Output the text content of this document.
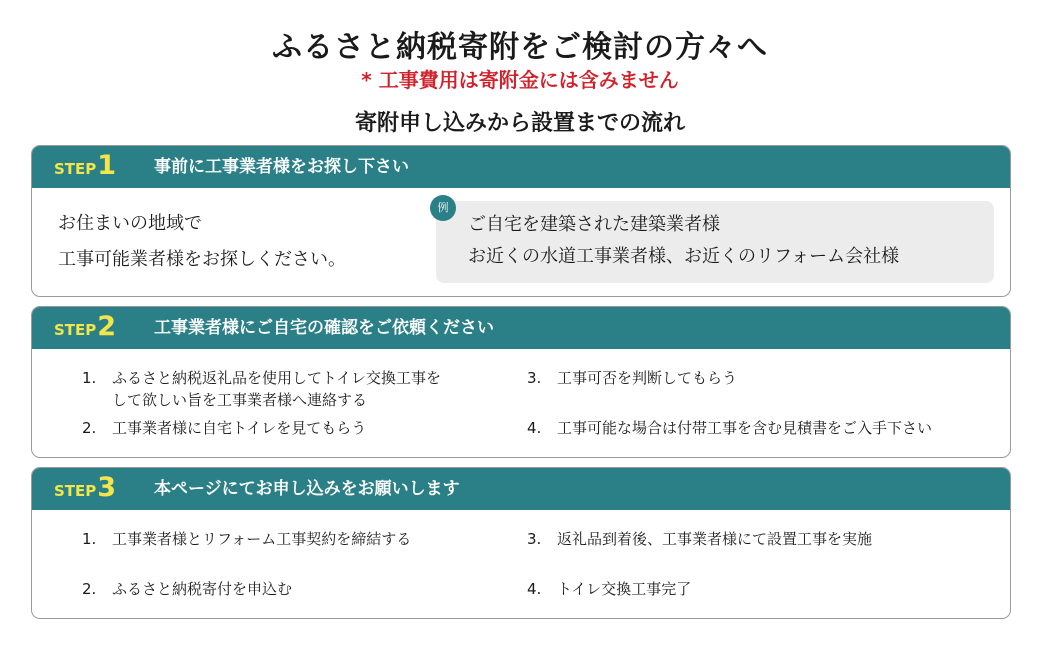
ふるさと納税寄附をご検討の方々へ
* 工事費用は寄附金には含みません
寄附申し込みから設置までの流れ
STEP 1 事前に工事業者様をお探し下さい
お住まいの地域で
工事可能業者様をお探しください。
例
ご自宅を建築された建築業者様
お近くの水道工事業者様、お近くのリフォーム会社様
STEP 2 工事業者様にご自宅の確認をご依頼ください
1. ふるさと納税返礼品を使用してトイレ交換工事を
して欲しい旨を工事業者様へ連絡する
2. 工事業者様に自宅トイレを見てもらう
3. 工事可否を判断してもらう
4. 工事可能な場合は付帯工事を含む見積書をご入手下さい
STEP 3 本ページにてお申し込みをお願いします
1. 工事業者様とリフォーム工事契約を締結する
2. ふるさと納税寄付を申込む
3. 返礼品到着後、工事業者様にて設置工事を実施
4. トイレ交換工事完了
